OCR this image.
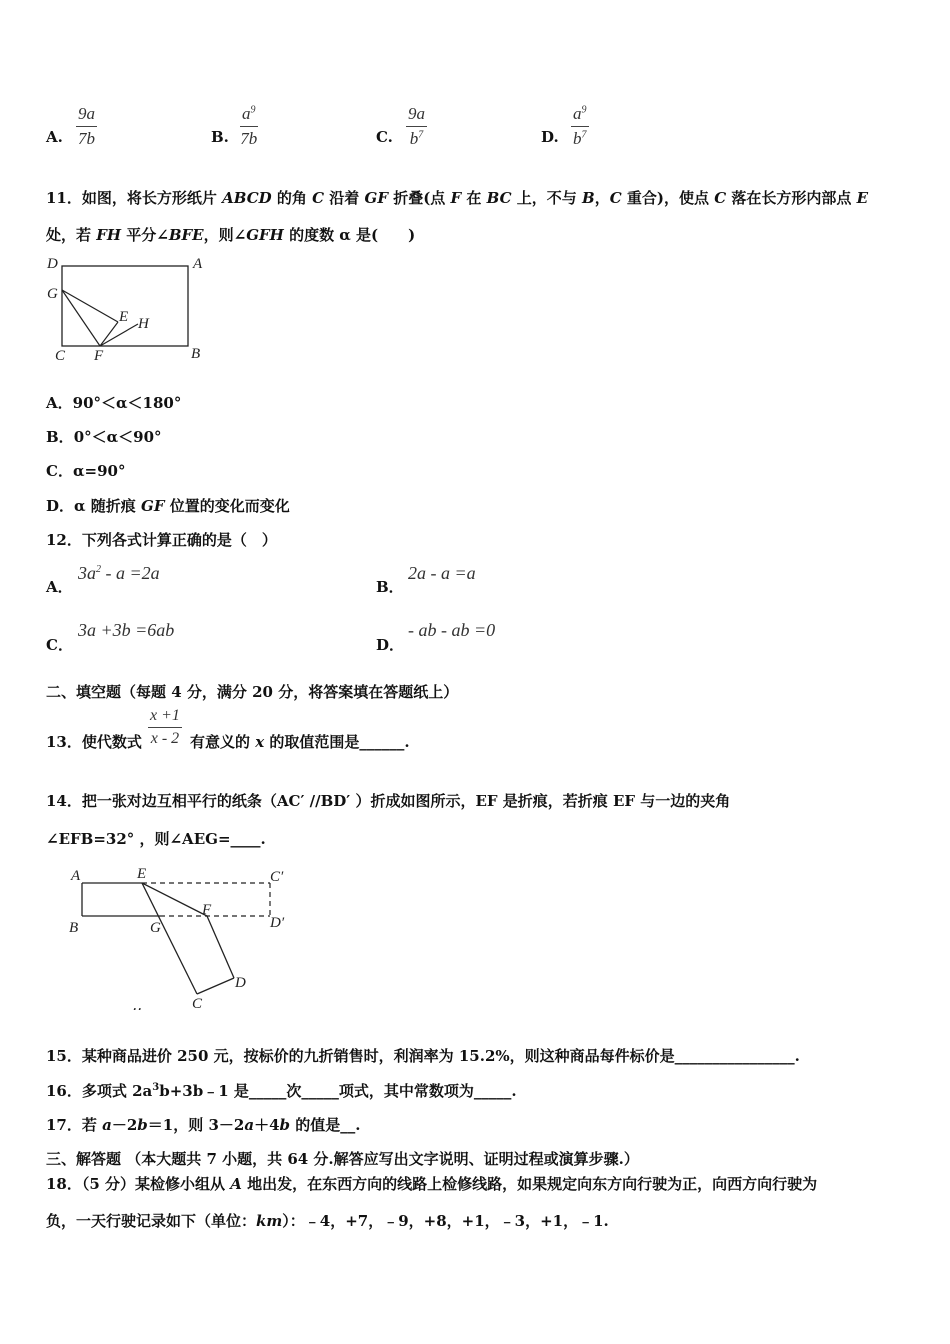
A. $\frac{9a}{7b}$	B. $\frac{a^9}{7b}$	C. $\frac{9a}{b^7}$	D. $\frac{a^9}{b^7}$
11．如图，将长方形纸片 ABCD 的角 C 沿着 GF 折叠(点 F 在 BC 上，不与 B，C 重合)，使点 C 落在长方形内部点 E
处，若 FH 平分∠BFE，则∠GFH 的度数 α 是(　　)
D	A
G
E H
C F	B
A．90°＜α＜180°
B．0°＜α＜90°
C．α=90°
D．α 随折痕 GF 位置的变化而变化
12．下列各式计算正确的是（　）
A．
$3a^2 - a =2a$
B．
2a - a =a
C．
3a +3b =6ab
D．
- ab - ab =0
二、填空题（每题 4 分，满分 20 分，将答案填在答题纸上）
13．使代数式 $\frac{x +1}{x - 2}$ 有意义的 x 的取值范围是______.
14．把一张对边互相平行的纸条（AC′ //BD′ ）折成如图所示，EF 是折痕，若折痕 EF 与一边的夹角
∠EFB=32° ，则∠AEG=____.
A	E	C′
B	G
F
D′
D
C
‥
15．某种商品进价 250 元，按标价的九折销售时，利润率为 15.2%，则这种商品每件标价是________________.
16．多项式 $2a^3b+3b﹣1$ 是_____次_____项式，其中常数项为_____.
17．若 a－2b＝1，则 3－2a＋4b 的值是__.
三、解答题 （本大题共 7 小题，共 64 分.解答应写出文字说明、证明过程或演算步骤.）
18．（5 分）某检修小组从 A 地出发，在东西方向的线路上检修线路，如果规定向东方向行驶为正，向西方向行驶为
负，一天行驶记录如下（单位：km）：﹣4，+7，﹣9，+8，+1，﹣3，+1，﹣1.
